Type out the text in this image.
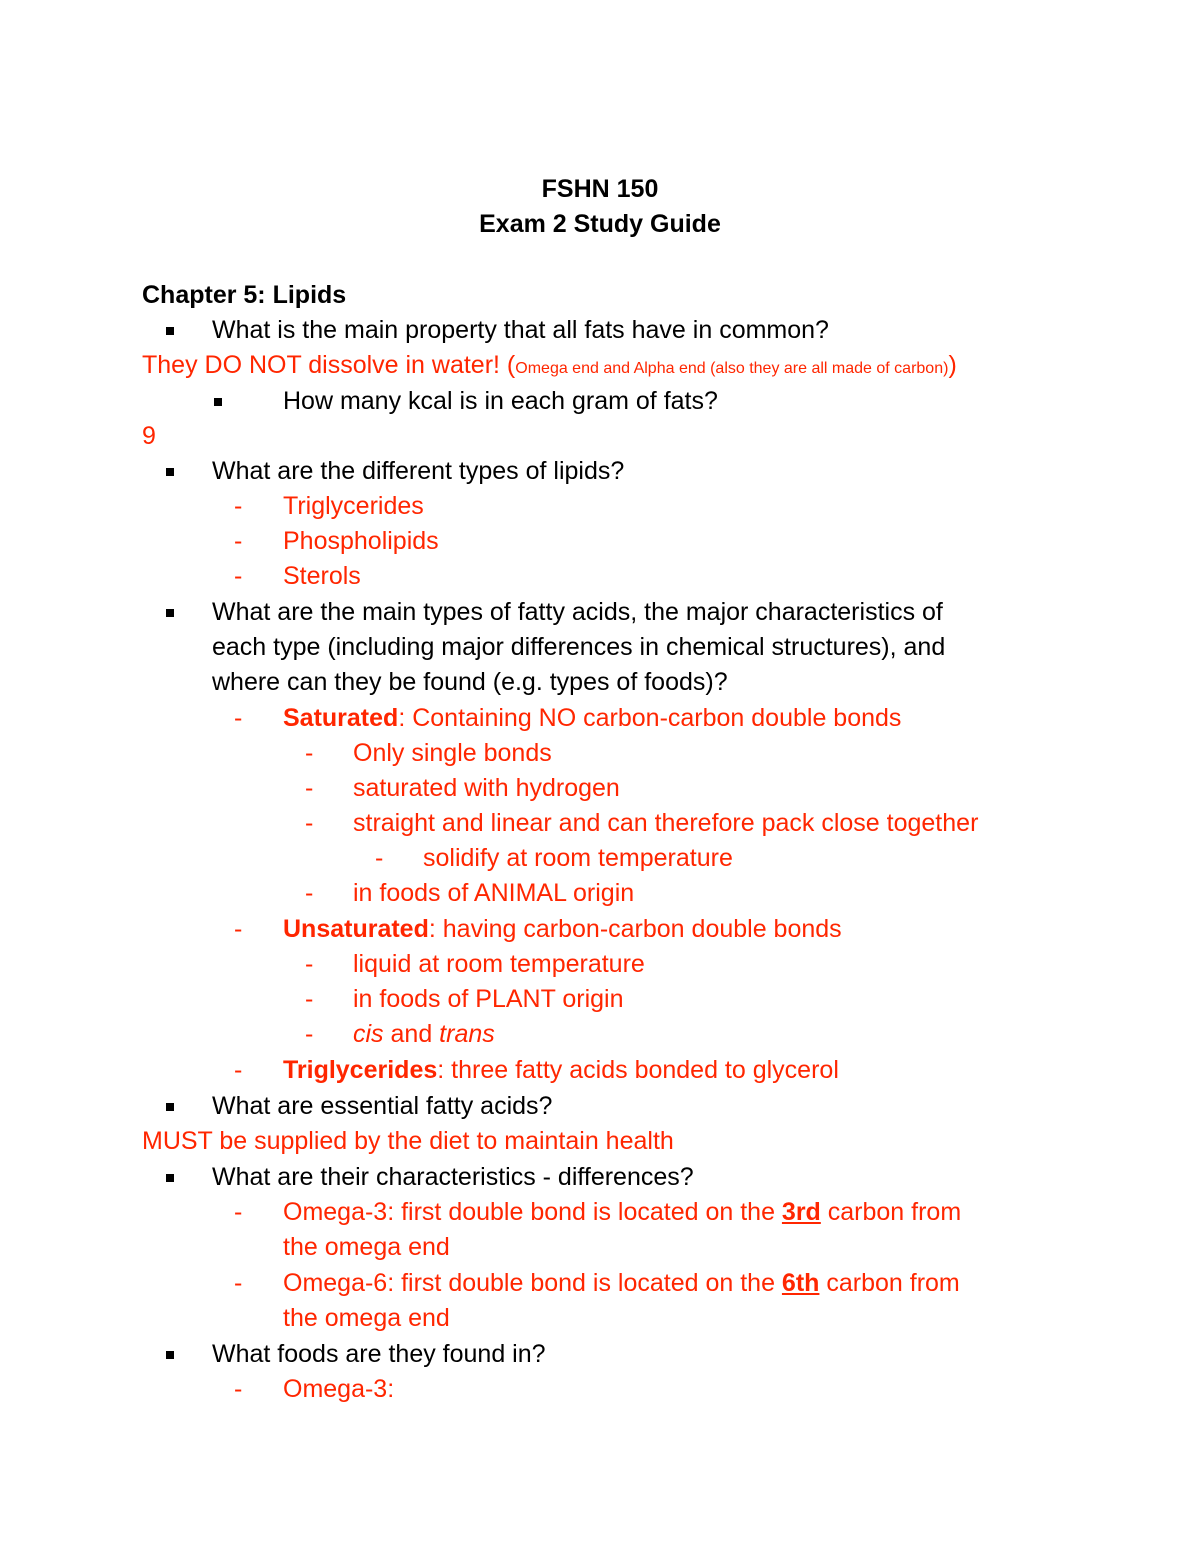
FSHN 150
Exam 2 Study Guide
Chapter 5: Lipids
What is the main property that all fats have in common?
They DO NOT dissolve in water! (Omega end and Alpha end (also they are all made of carbon))
How many kcal is in each gram of fats?
9
What are the different types of lipids?
- Triglycerides
- Phospholipids
- Sterols
What are the main types of fatty acids, the major characteristics of
each type (including major differences in chemical structures), and
where can they be found (e.g. types of foods)?
- Saturated: Containing NO carbon-carbon double bonds
- Only single bonds
- saturated with hydrogen
- straight and linear and can therefore pack close together
- solidify at room temperature
- in foods of ANIMAL origin
- Unsaturated: having carbon-carbon double bonds
- liquid at room temperature
- in foods of PLANT origin
- cis and trans
- Triglycerides: three fatty acids bonded to glycerol
What are essential fatty acids?
MUST be supplied by the diet to maintain health
What are their characteristics - differences?
- Omega-3: first double bond is located on the 3rd carbon from
the omega end
- Omega-6: first double bond is located on the 6th carbon from
the omega end
What foods are they found in?
- Omega-3:
